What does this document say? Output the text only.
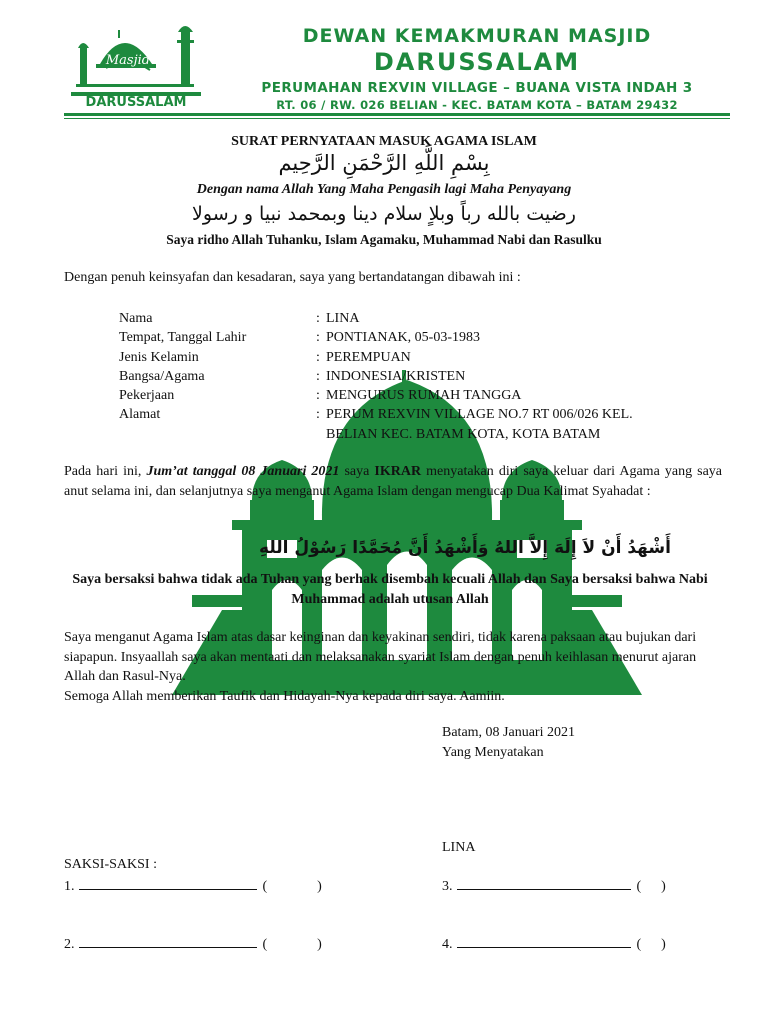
Masjid
DARUSSALAM
DEWAN KEMAKMURAN MASJID
DARUSSALAM
PERUMAHAN REXVIN VILLAGE – BUANA VISTA INDAH 3
RT. 06 / RW. 026 BELIAN - KEC. BATAM KOTA – BATAM 29432
SURAT PERNYATAAN MASUK AGAMA ISLAM
بِسْمِ اللَّهِ الرَّحْمَنِ الرَّحِيم
Dengan nama Allah Yang Maha Pengasih lagi Maha Penyayang
رضيت بالله رباً وبلاٍ سلام دينا وبمحمد نبيا و رسولا
Saya ridho Allah Tuhanku, Islam Agamaku, Muhammad Nabi dan Rasulku
Dengan penuh keinsyafan dan kesadaran, saya yang bertandatangan dibawah ini :
Nama	: LINA
Tempat, Tanggal Lahir	: PONTIANAK, 05-03-1983
Jenis Kelamin	: PEREMPUAN
Bangsa/Agama	: INDONESIA/KRISTEN
Pekerjaan	: MENGURUS RUMAH TANGGA
Alamat	: PERUM REXVIN VILLAGE NO.7 RT 006/026 KEL. BELIAN KEC. BATAM KOTA, KOTA BATAM
Pada hari ini, Jum’at tanggal 08 Januari 2021 saya IKRAR menyatakan diri saya keluar dari Agama yang saya anut selama ini, dan selanjutnya saya menganut Agama Islam dengan mengucap Dua Kalimat Syahadat :
أَشْهَدُ أَنْ لاَ إِلَهَ إِلاَّ اللهُ وَأَشْهَدُ أَنَّ مُحَمَّدًا رَسُوْلُ اللهِ
Saya bersaksi bahwa tidak ada Tuhan yang berhak disembah kecuali Allah dan Saya bersaksi bahwa Nabi Muhammad adalah utusan Allah
Saya menganut Agama Islam atas dasar keinginan dan keyakinan sendiri, tidak karena paksaan atau bujukan dari siapapun. Insyaallah saya akan mentaati dan melaksanakan syariat Islam dengan penuh keihlasan menurut ajaran Allah dan Rasul-Nya.
Semoga Allah memberikan Taufik dan Hidayah-Nya kepada diri saya. Aamiin.
Batam, 08 Januari 2021
Yang Menyatakan
LINA
SAKSI-SAKSI :
1.	(	)
2.	(	)
3.	( )
4.	( )
